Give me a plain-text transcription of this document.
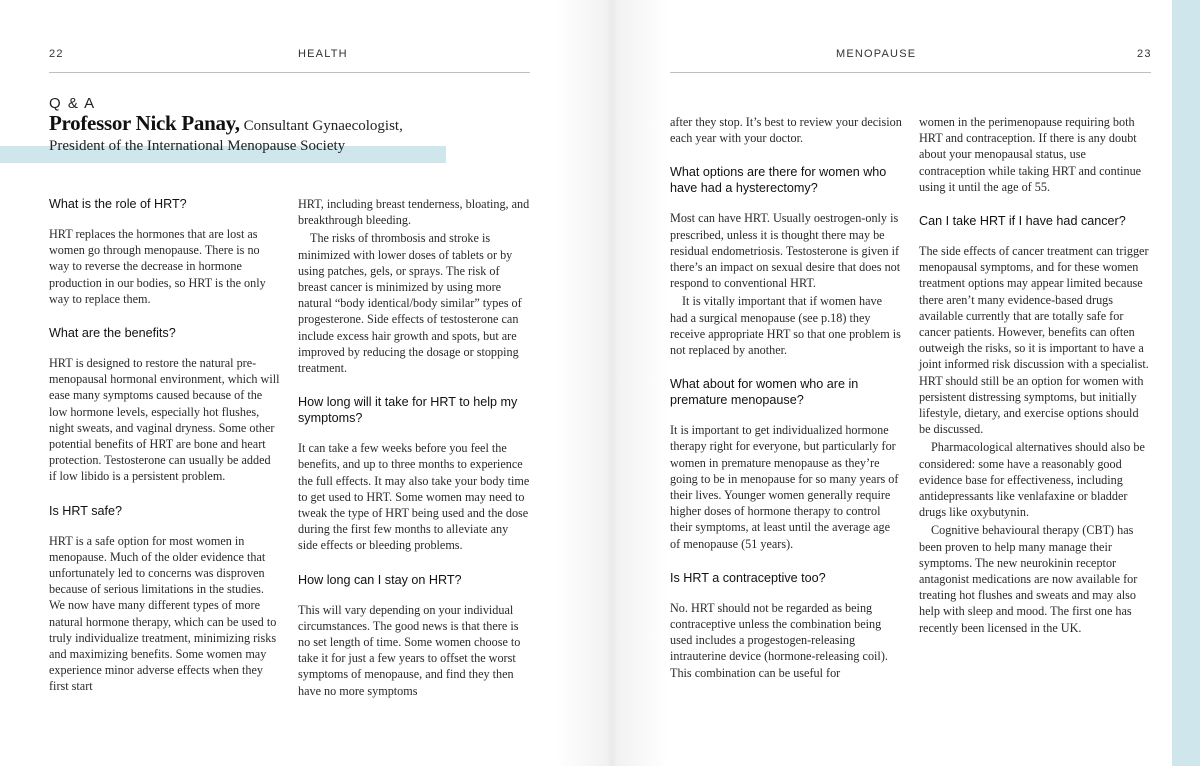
22	HEALTH	MENOPAUSE	23
Q & A
Professor Nick Panay, Consultant Gynaecologist,
President of the International Menopause Society
What is the role of HRT?

HRT replaces the hormones that are lost as women go through menopause. There is no way to reverse the decrease in hormone production in our bodies, so HRT is the only way to replace them.

What are the benefits?

HRT is designed to restore the natural pre-menopausal hormonal environment, which will ease many symptoms caused because of the low hormone levels, especially hot flushes, night sweats, and vaginal dryness. Some other potential benefits of HRT are bone and heart protection. Testosterone can usually be added if low libido is a persistent problem.

Is HRT safe?

HRT is a safe option for most women in menopause. Much of the older evidence that unfortunately led to concerns was disproven because of serious limitations in the studies. We now have many different types of more natural hormone therapy, which can be used to truly individualize treatment, minimizing risks and maximizing benefits. Some women may experience minor adverse effects when they first start

HRT, including breast tenderness, bloating, and breakthrough bleeding.

The risks of thrombosis and stroke is minimized with lower doses of tablets or by using patches, gels, or sprays. The risk of breast cancer is minimized by using more natural “body identical/body similar” types of progesterone. Side effects of testosterone can include excess hair growth and spots, but are improved by reducing the dosage or stopping treatment.

How long will it take for HRT to help my symptoms?

It can take a few weeks before you feel the benefits, and up to three months to experience the full effects. It may also take your body time to get used to HRT. Some women may need to tweak the type of HRT being used and the dose during the first few months to alleviate any side effects or bleeding problems.

How long can I stay on HRT?

This will vary depending on your individual circumstances. The good news is that there is no set length of time. Some women choose to take it for just a few years to offset the worst symptoms of menopause, and find they then have no more symptoms

after they stop. It’s best to review your decision each year with your doctor.

What options are there for women who have had a hysterectomy?

Most can have HRT. Usually oestrogen-only is prescribed, unless it is thought there may be residual endometriosis. Testosterone is given if there’s an impact on sexual desire that does not respond to conventional HRT.

It is vitally important that if women have had a surgical menopause (see p.18) they receive appropriate HRT so that one problem is not replaced by another.

What about for women who are in premature menopause?

It is important to get individualized hormone therapy right for everyone, but particularly for women in premature menopause as they’re going to be in menopause for so many years of their lives. Younger women generally require higher doses of hormone therapy to control their symptoms, at least until the average age of menopause (51 years).

Is HRT a contraceptive too?

No. HRT should not be regarded as being contraceptive unless the combination being used includes a progestogen-releasing intrauterine device (hormone-releasing coil). This combination can be useful for

women in the perimenopause requiring both HRT and contraception. If there is any doubt about your menopausal status, use contraception while taking HRT and continue using it until the age of 55.

Can I take HRT if I have had cancer?

The side effects of cancer treatment can trigger menopausal symptoms, and for these women treatment options may appear limited because there aren’t many evidence-based drugs available currently that are totally safe for cancer patients. However, benefits can often outweigh the risks, so it is important to have a joint informed risk discussion with a specialist. HRT should still be an option for women with persistent distressing symptoms, but initially lifestyle, dietary, and exercise options should be discussed.

Pharmacological alternatives should also be considered: some have a reasonably good evidence base for effectiveness, including antidepressants like venlafaxine or bladder drugs like oxybutynin.

Cognitive behavioural therapy (CBT) has been proven to help many manage their symptoms. The new neurokinin receptor antagonist medications are now available for treating hot flushes and sweats and may also help with sleep and mood. The first one has recently been licensed in the UK.
